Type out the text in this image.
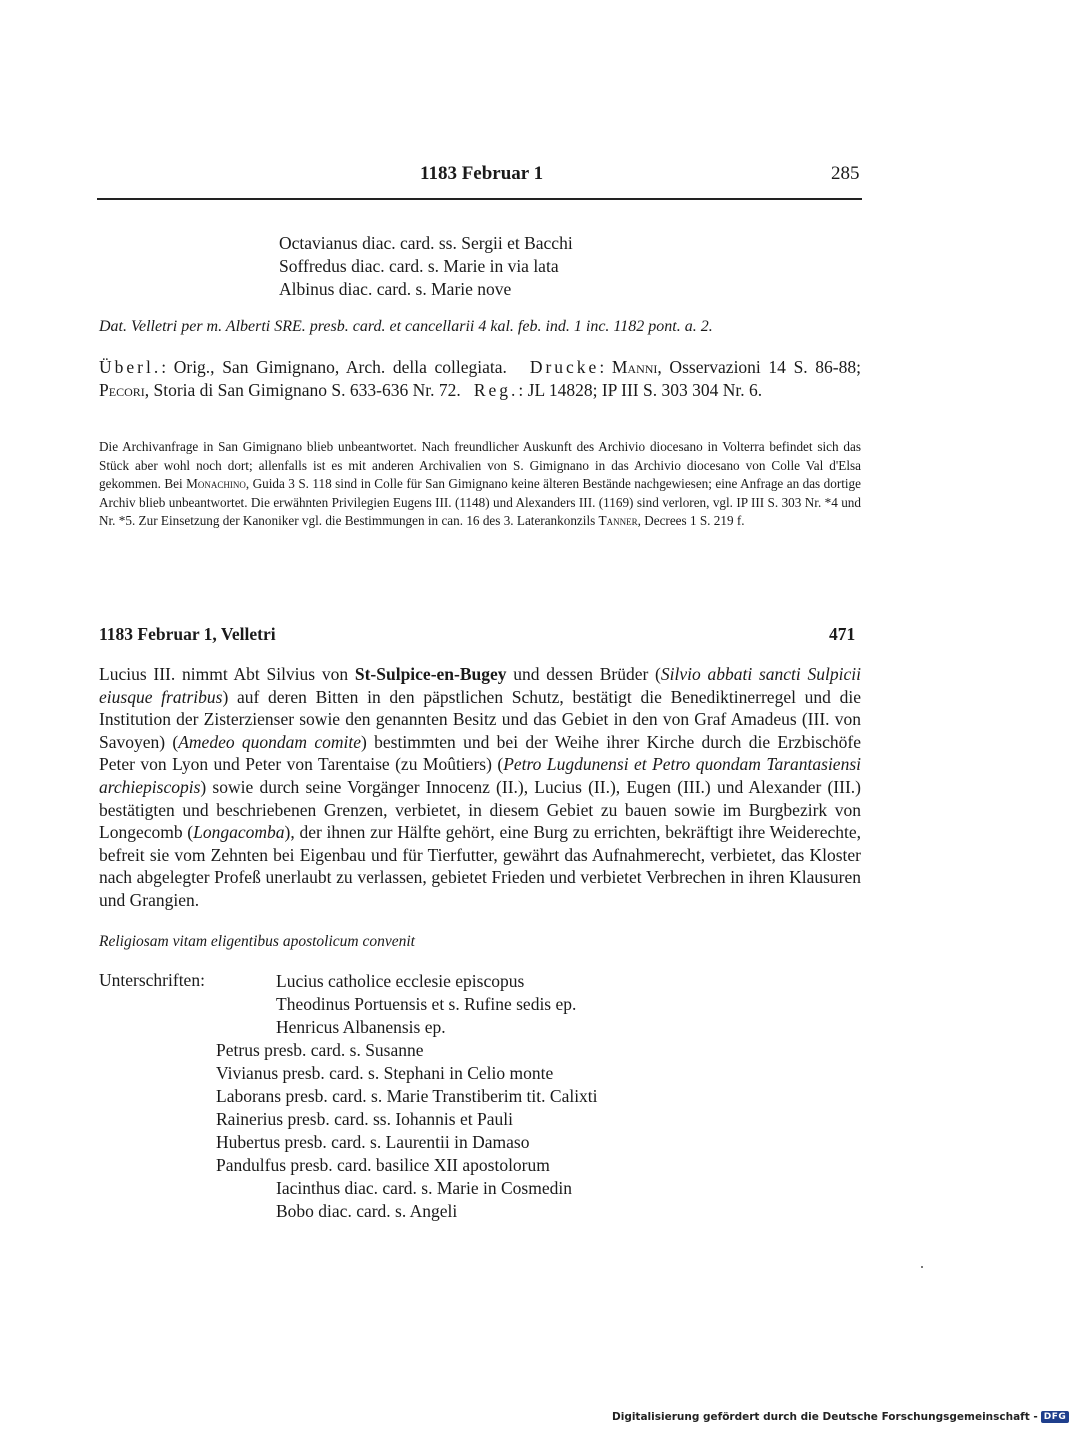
1183 Februar 1	285
Octavianus diac. card. ss. Sergii et Bacchi
Soffredus diac. card. s. Marie in via lata
Albinus diac. card. s. Marie nove
Dat. Velletri per m. Alberti SRE. presb. card. et cancellarii 4 kal. feb. ind. 1 inc. 1182 pont. a. 2.
Überl.: Orig., San Gimignano, Arch. della collegiata. Drucke: Manni, Osservazioni 14 S. 86-88; Pecori, Storia di San Gimignano S. 633-636 Nr. 72. Reg.: JL 14828; IP III S. 303 304 Nr. 6.
Die Archivanfrage in San Gimignano blieb unbeantwortet. Nach freundlicher Auskunft des Archivio diocesano in Volterra befindet sich das Stück aber wohl noch dort; allenfalls ist es mit anderen Archivalien von S. Gimignano in das Archivio diocesano von Colle Val d'Elsa gekommen. Bei Monachino, Guida 3 S. 118 sind in Colle für San Gimignano keine älteren Bestände nachgewiesen; eine Anfrage an das dortige Archiv blieb unbeantwortet. Die erwähnten Privilegien Eugens III. (1148) und Alexanders III. (1169) sind verloren, vgl. IP III S. 303 Nr. *4 und Nr. *5. Zur Einsetzung der Kanoniker vgl. die Bestimmungen in can. 16 des 3. Laterankonzils Tanner, Decrees 1 S. 219 f.
1183 Februar 1, Velletri	471
Lucius III. nimmt Abt Silvius von St-Sulpice-en-Bugey und dessen Brüder (Silvio abbati sancti Sulpicii eiusque fratribus) auf deren Bitten in den päpstlichen Schutz, bestätigt die Benediktinerregel und die Institution der Zisterzienser sowie den genannten Besitz und das Gebiet in den von Graf Amadeus (III. von Savoyen) (Amedeo quondam comite) bestimmten und bei der Weihe ihrer Kirche durch die Erzbischöfe Peter von Lyon und Peter von Tarentaise (zu Moûtiers) (Petro Lugdunensi et Petro quondam Tarantasiensi archiepiscopis) sowie durch seine Vorgänger Innocenz (II.), Lucius (II.), Eugen (III.) und Alexander (III.) bestätigten und beschriebenen Grenzen, verbietet, in diesem Gebiet zu bauen sowie im Burgbezirk von Longecomb (Longacomba), der ihnen zur Hälfte gehört, eine Burg zu errichten, bekräftigt ihre Weiderechte, befreit sie vom Zehnten bei Eigenbau und für Tierfutter, gewährt das Aufnahmerecht, verbietet, das Kloster nach abgelegter Profeß unerlaubt zu verlassen, gebietet Frieden und verbietet Verbrechen in ihren Klausuren und Grangien.
Religiosam vitam eligentibus apostolicum convenit
Unterschriften:	Lucius catholice ecclesie episcopus
Theodinus Portuensis et s. Rufine sedis ep.
Henricus Albanensis ep.
Petrus presb. card. s. Susanne
Vivianus presb. card. s. Stephani in Celio monte
Laborans presb. card. s. Marie Transtiberim tit. Calixti
Rainerius presb. card. ss. Iohannis et Pauli
Hubertus presb. card. s. Laurentii in Damaso
Pandulfus presb. card. basilice XII apostolorum
Iacinthus diac. card. s. Marie in Cosmedin
Bobo diac. card. s. Angeli
Digitalisierung gefördert durch die Deutsche Forschungsgemeinschaft - DFG
